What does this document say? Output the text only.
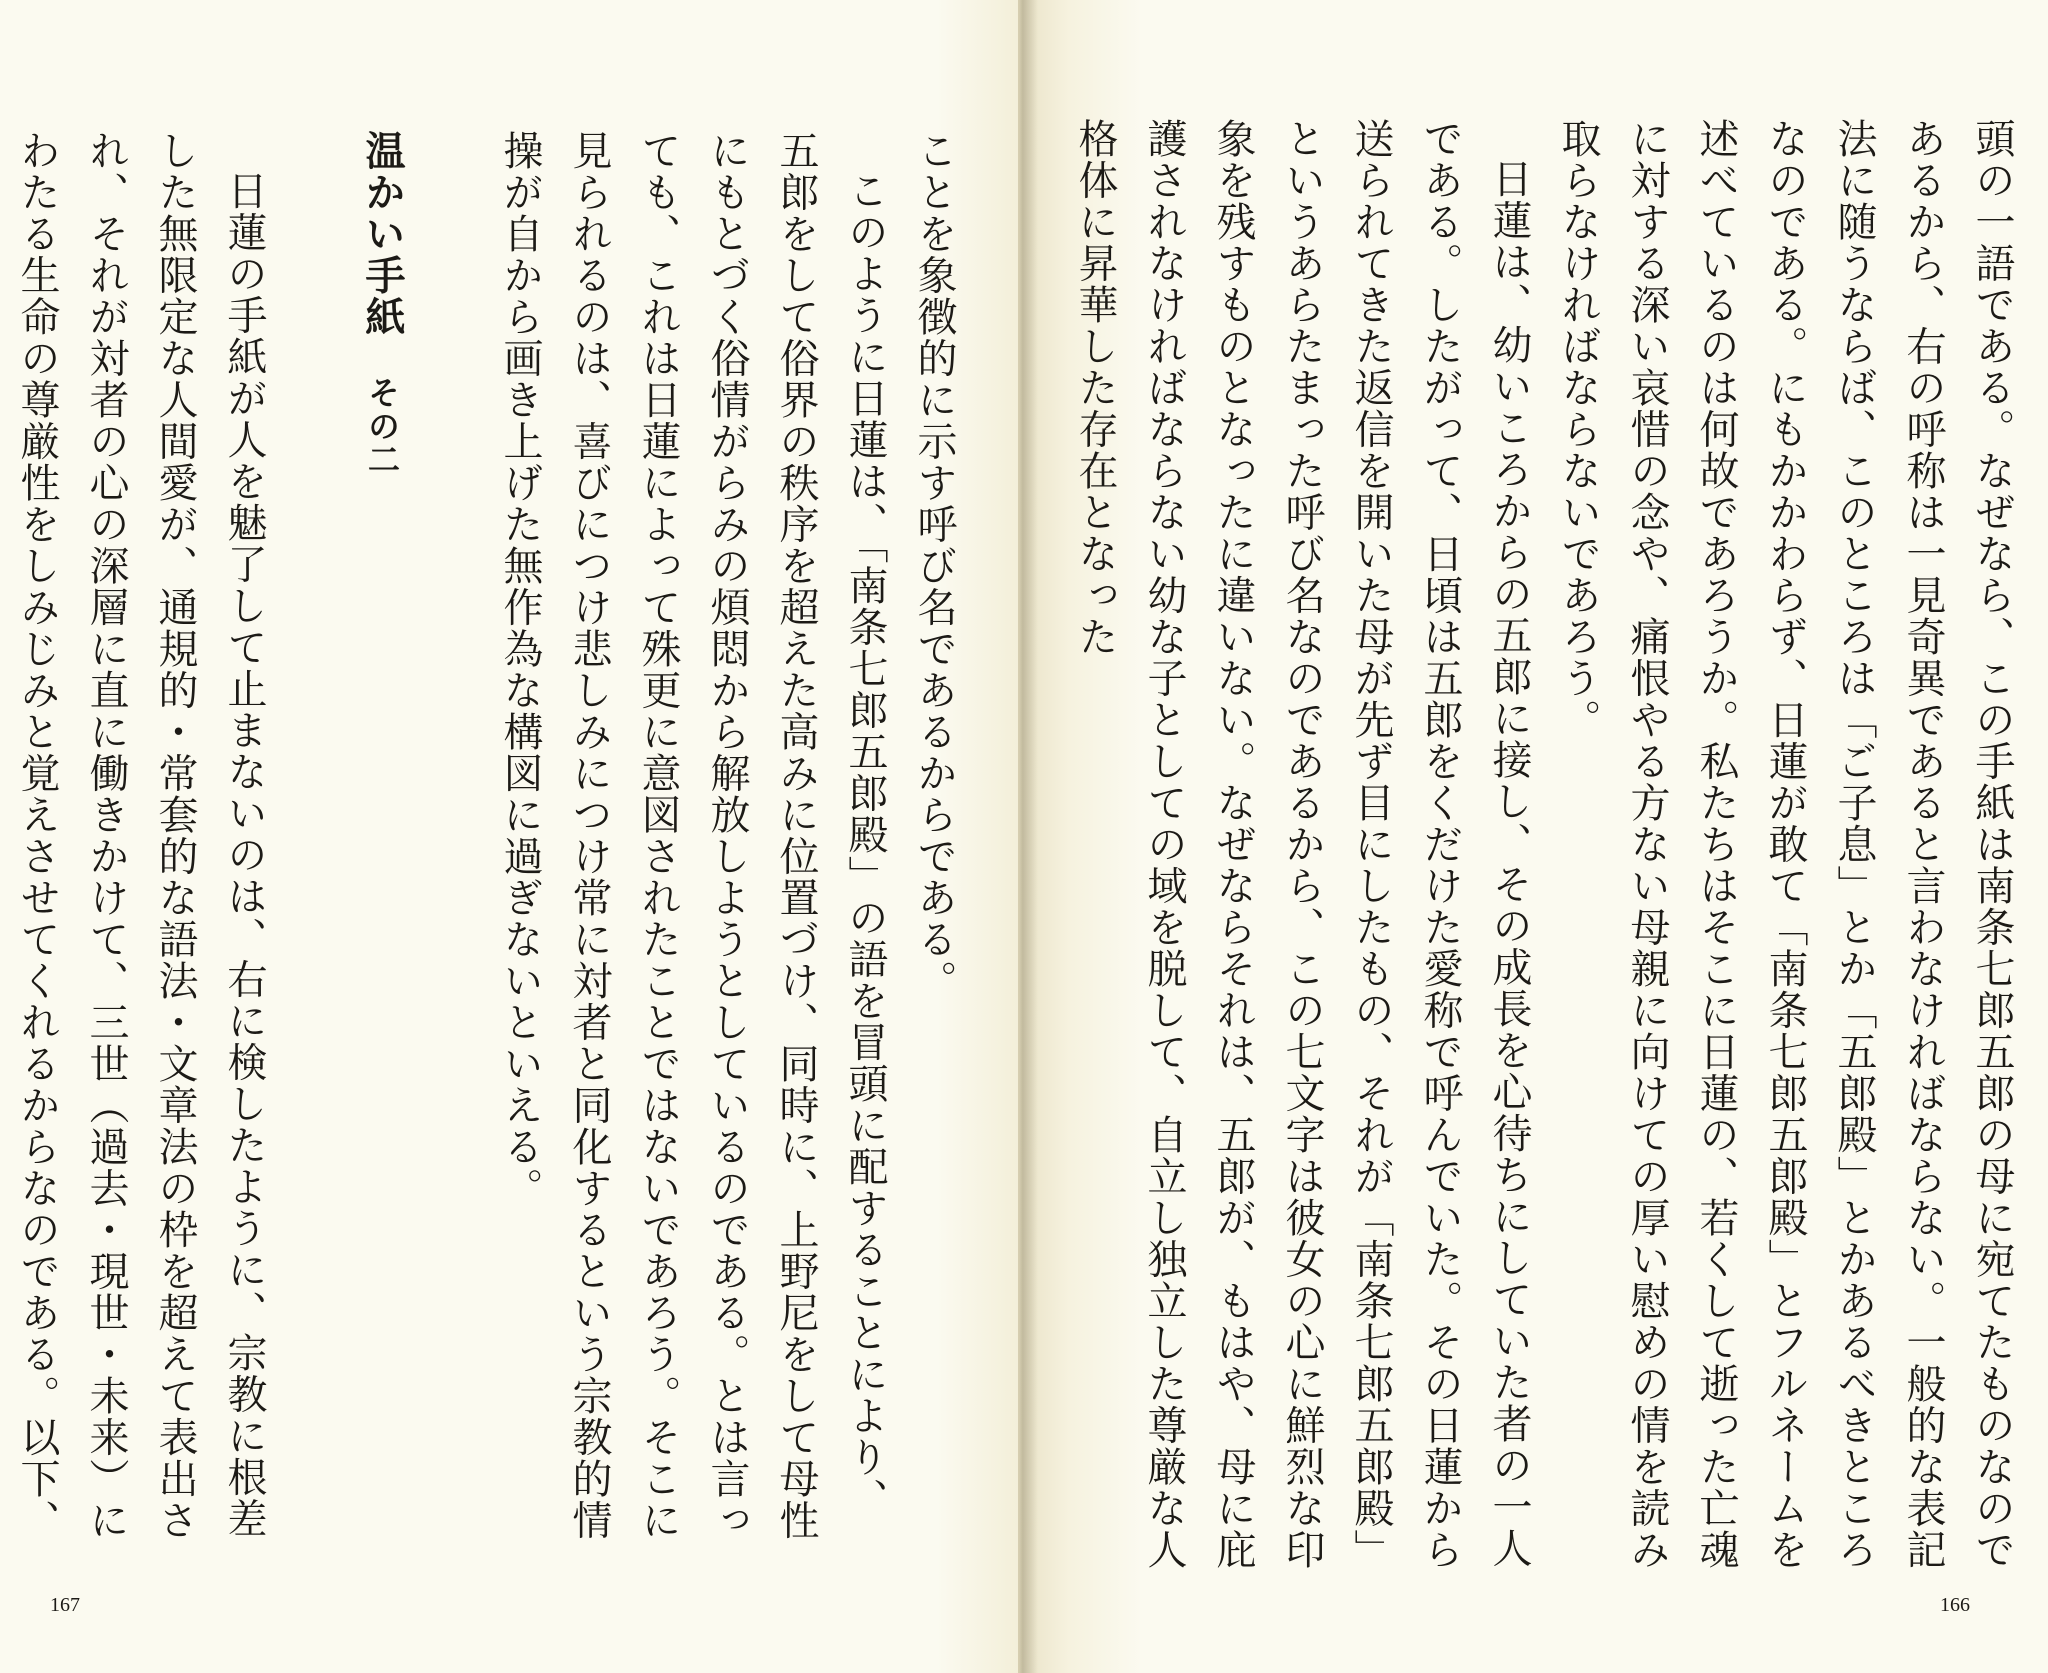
頭の一語である。なぜなら、この手紙は南条七郎五郎の母に宛てたものなのであるから、右の呼称は一見奇異であると言わなければならない。一般的な表記法に随うならば、このところは「ご子息」とか「五郎殿」とかあるべきところなのである。にもかかわらず、日蓮が敢て「南条七郎五郎殿」とフルネームを述べているのは何故であろうか。私たちはそこに日蓮の、若くして逝った亡魂に対する深い哀惜の念や、痛恨やる方ない母親に向けての厚い慰めの情を読み取らなければならないであろう。

日蓮は、幼いころからの五郎に接し、その成長を心待ちにしていた者の一人である。したがって、日頃は五郎をくだけた愛称で呼んでいた。その日蓮から送られてきた返信を開いた母が先ず目にしたもの、それが「南条七郎五郎殿」というあらたまった呼び名なのであるから、この七文字は彼女の心に鮮烈な印象を残すものとなったに違いない。なぜならそれは、五郎が、もはや、母に庇護されなければならない幼な子としての域を脱して、自立し独立した尊厳な人格体に昇華した存在となった

166

ことを象徴的に示す呼び名であるからである。

このように日蓮は、「南条七郎五郎殿」の語を冒頭に配することにより、五郎をして俗界の秩序を超えた高みに位置づけ、同時に、上野尼をして母性にもとづく俗情がらみの煩悶から解放しようとしているのである。とは言っても、これは日蓮によって殊更に意図されたことではないであろう。そこに見られるのは、喜びにつけ悲しみにつけ常に対者と同化するという宗教的情操が自から画き上げた無作為な構図に過ぎないといえる。

温かい手紙その二

日蓮の手紙が人を魅了して止まないのは、右に検したように、宗教に根差した無限定な人間愛が、通規的・常套的な語法・文章法の枠を超えて表出され、それが対者の心の深層に直に働きかけて、三世（過去・現世・未来）にわたる生命の尊厳性をしみじみと覚えさせてくれるからなのである。以下、

167
